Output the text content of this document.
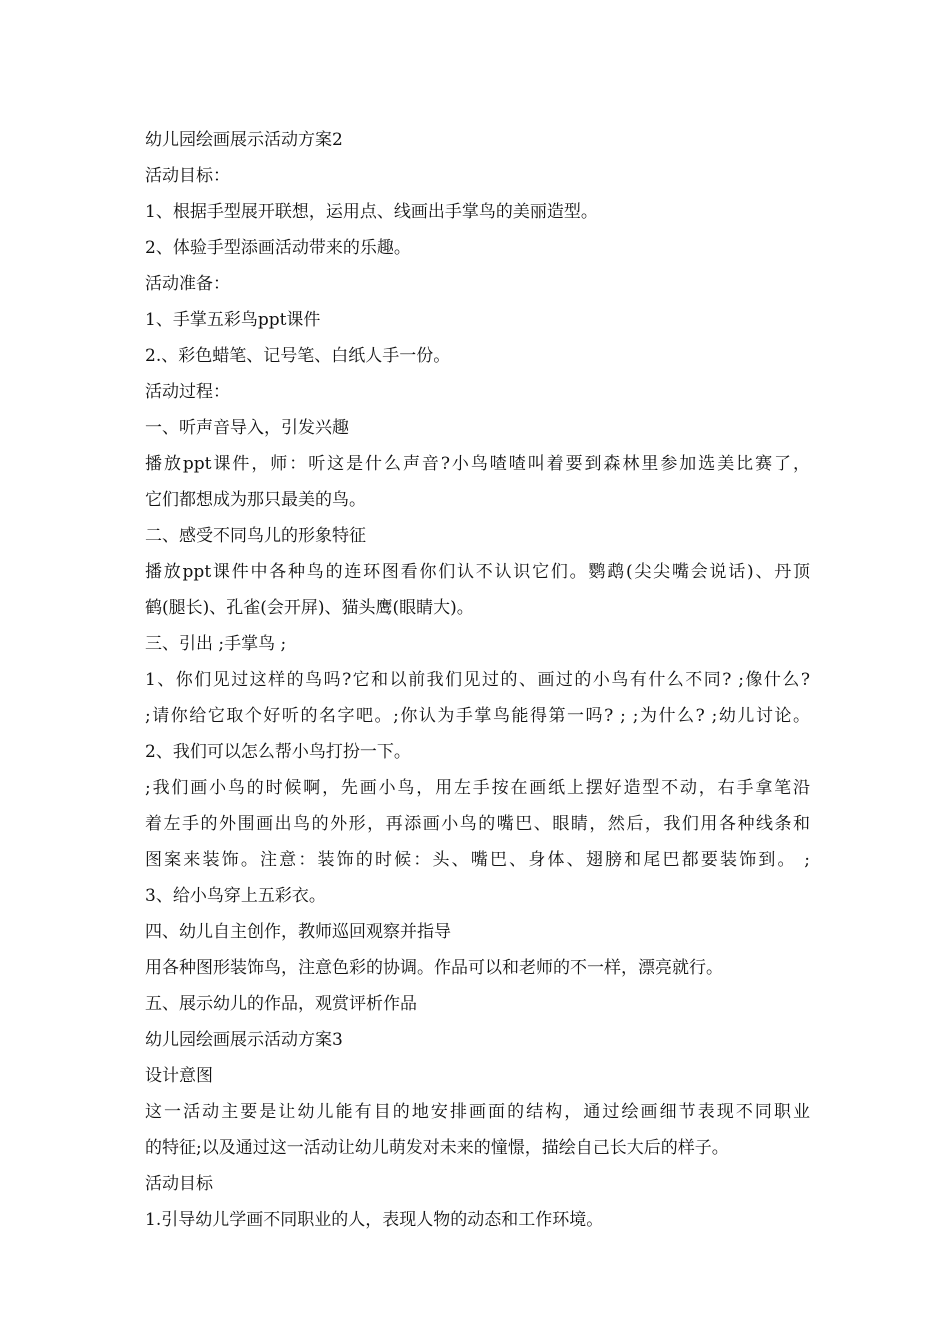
幼儿园绘画展示活动方案2
活动目标：
1、根据手型展开联想，运用点、线画出手掌鸟的美丽造型。
2、体验手型添画活动带来的乐趣。
活动准备：
1、手掌五彩鸟ppt课件
2.、彩色蜡笔、记号笔、白纸人手一份。
活动过程：
一、听声音导入，引发兴趣
播放ppt课件，师：听这是什么声音?小鸟喳喳叫着要到森林里参加选美比赛了，
它们都想成为那只最美的鸟。
二、感受不同鸟儿的形象特征
播放ppt课件中各种鸟的连环图看你们认不认识它们。鹦鹉(尖尖嘴会说话)、丹顶
鹤(腿长)、孔雀(会开屏)、猫头鹰(眼睛大)。
三、引出 ;手掌鸟 ;
1、你们见过这样的鸟吗?它和以前我们见过的、画过的小鸟有什么不同? ;像什么?
;请你给它取个好听的名字吧。;你认为手掌鸟能得第一吗? ; ;为什么? ;幼儿讨论。
2、我们可以怎么帮小鸟打扮一下。
;我们画小鸟的时候啊，先画小鸟，用左手按在画纸上摆好造型不动，右手拿笔沿
着左手的外围画出鸟的外形，再添画小鸟的嘴巴、眼睛，然后，我们用各种线条和
图案来装饰。注意：装饰的时候：头、嘴巴、身体、翅膀和尾巴都要装饰到。 ;
3、给小鸟穿上五彩衣。
四、幼儿自主创作，教师巡回观察并指导
用各种图形装饰鸟，注意色彩的协调。作品可以和老师的不一样，漂亮就行。
五、展示幼儿的作品，观赏评析作品
幼儿园绘画展示活动方案3
设计意图
这一活动主要是让幼儿能有目的地安排画面的结构，通过绘画细节表现不同职业
的特征;以及通过这一活动让幼儿萌发对未来的憧憬，描绘自己长大后的样子。
活动目标
1.引导幼儿学画不同职业的人，表现人物的动态和工作环境。
